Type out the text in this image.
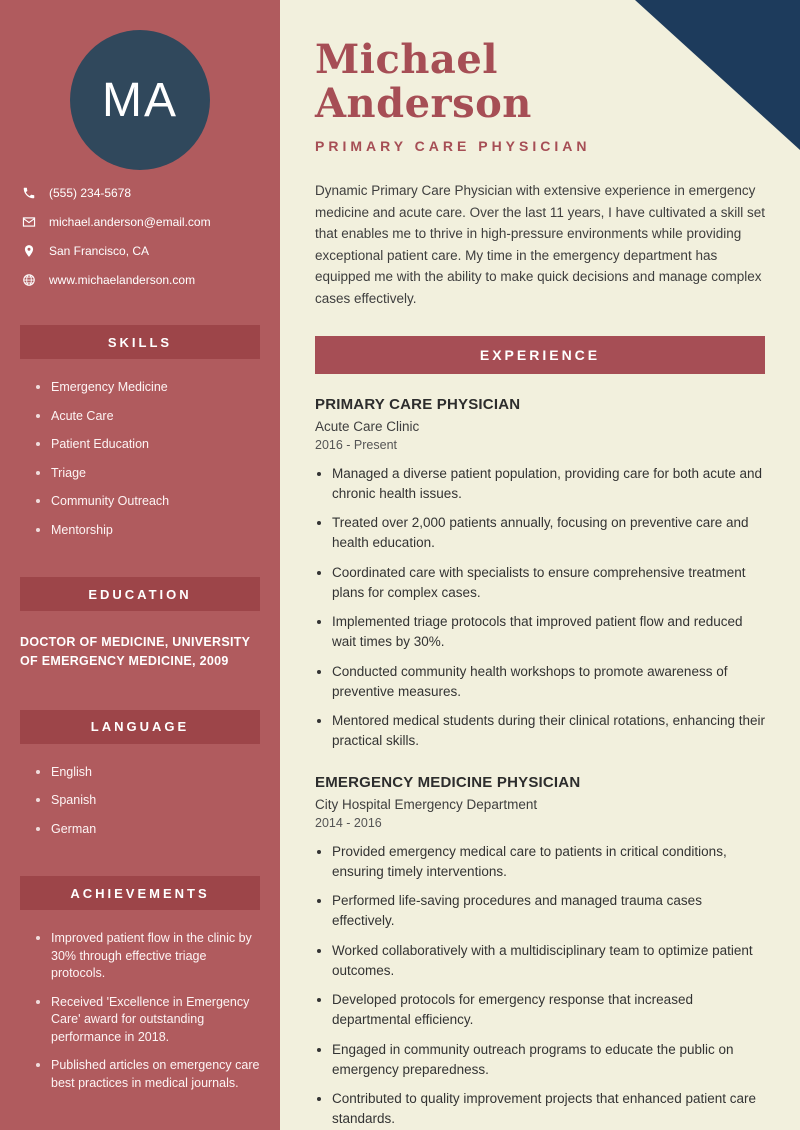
MA
(555) 234-5678
michael.anderson@email.com
San Francisco, CA
www.michaelanderson.com
SKILLS
Emergency Medicine
Acute Care
Patient Education
Triage
Community Outreach
Mentorship
EDUCATION
DOCTOR OF MEDICINE, UNIVERSITY OF EMERGENCY MEDICINE, 2009
LANGUAGE
English
Spanish
German
ACHIEVEMENTS
Improved patient flow in the clinic by 30% through effective triage protocols.
Received 'Excellence in Emergency Care' award for outstanding performance in 2018.
Published articles on emergency care best practices in medical journals.
Michael Anderson
PRIMARY CARE PHYSICIAN

Dynamic Primary Care Physician with extensive experience in emergency medicine and acute care. Over the last 11 years, I have cultivated a skill set that enables me to thrive in high-pressure environments while providing exceptional patient care. My time in the emergency department has equipped me with the ability to make quick decisions and manage complex cases effectively.

EXPERIENCE
PRIMARY CARE PHYSICIAN
Acute Care Clinic
2016 - Present
• Managed a diverse patient population, providing care for both acute and chronic health issues.
• Treated over 2,000 patients annually, focusing on preventive care and health education.
• Coordinated care with specialists to ensure comprehensive treatment plans for complex cases.
• Implemented triage protocols that improved patient flow and reduced wait times by 30%.
• Conducted community health workshops to promote awareness of preventive measures.
• Mentored medical students during their clinical rotations, enhancing their practical skills.
EMERGENCY MEDICINE PHYSICIAN
City Hospital Emergency Department
2014 - 2016
• Provided emergency medical care to patients in critical conditions, ensuring timely interventions.
• Performed life-saving procedures and managed trauma cases effectively.
• Worked collaboratively with a multidisciplinary team to optimize patient outcomes.
• Developed protocols for emergency response that increased departmental efficiency.
• Engaged in community outreach programs to educate the public on emergency preparedness.
• Contributed to quality improvement projects that enhanced patient care standards.
